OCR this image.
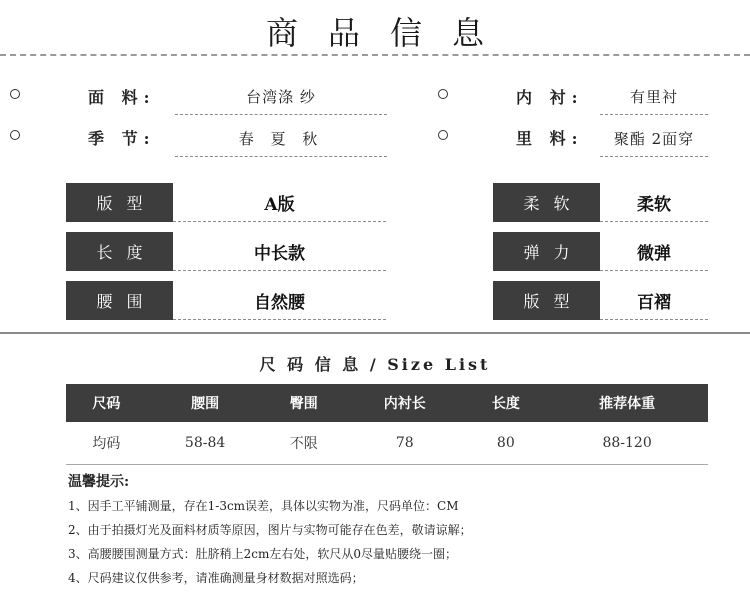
商品信息
面 料:	台湾涤 纱
季 节:	春 夏 秋
内 衬:	有里衬
里 料:	聚酯 2面穿
版型	A版
长度	中长款
腰围	自然腰
柔软	柔软
弹力	微弹
版型	百褶
尺 码 信 息 / Size List
尺码	腰围	臀围	内衬长	长度	推荐体重
均码	58-84	不限	78	80	88-120
温馨提示:
1、因手工平铺测量，存在1-3cm误差，具体以实物为准，尺码单位：CM
2、由于拍摄灯光及面料材质等原因，图片与实物可能存在色差，敬请谅解；
3、高腰腰围测量方式：肚脐稍上2cm左右处，软尺从0尽量贴腰绕一圈；
4、尺码建议仅供参考，请准确测量身材数据对照选码；
